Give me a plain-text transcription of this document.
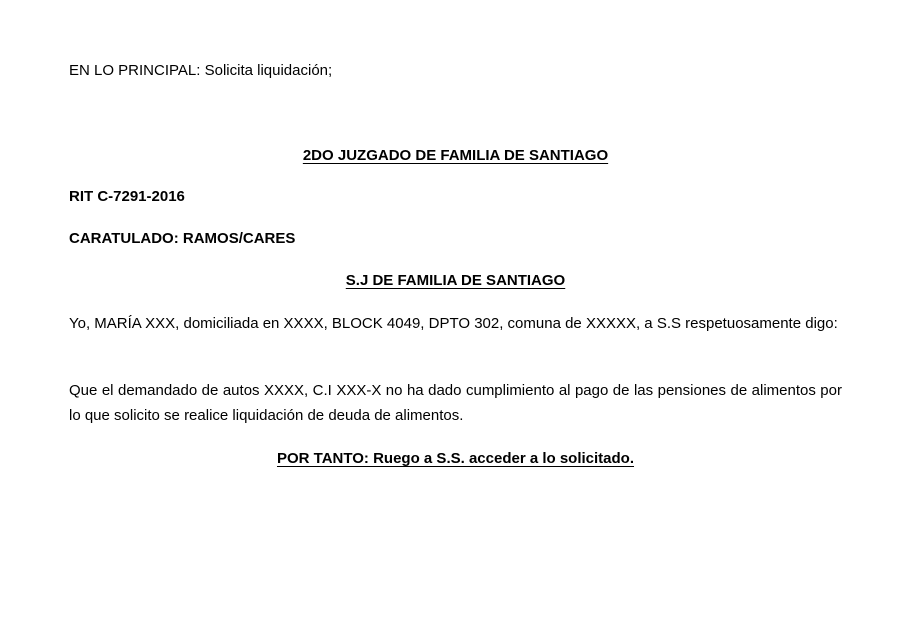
EN LO PRINCIPAL: Solicita liquidación;

2DO JUZGADO DE FAMILIA DE SANTIAGO

RIT C-7291-2016

CARATULADO: RAMOS/CARES

S.J DE FAMILIA DE SANTIAGO

Yo, MARÍA XXX, domiciliada en XXXX, BLOCK 4049, DPTO 302, comuna de XXXXX, a S.S respetuosamente digo:

Que el demandado de autos XXXX, C.I XXX-X no ha dado cumplimiento al pago de las pensiones de alimentos por lo que solicito se realice liquidación de deuda de alimentos.

POR TANTO: Ruego a S.S. acceder a lo solicitado.
